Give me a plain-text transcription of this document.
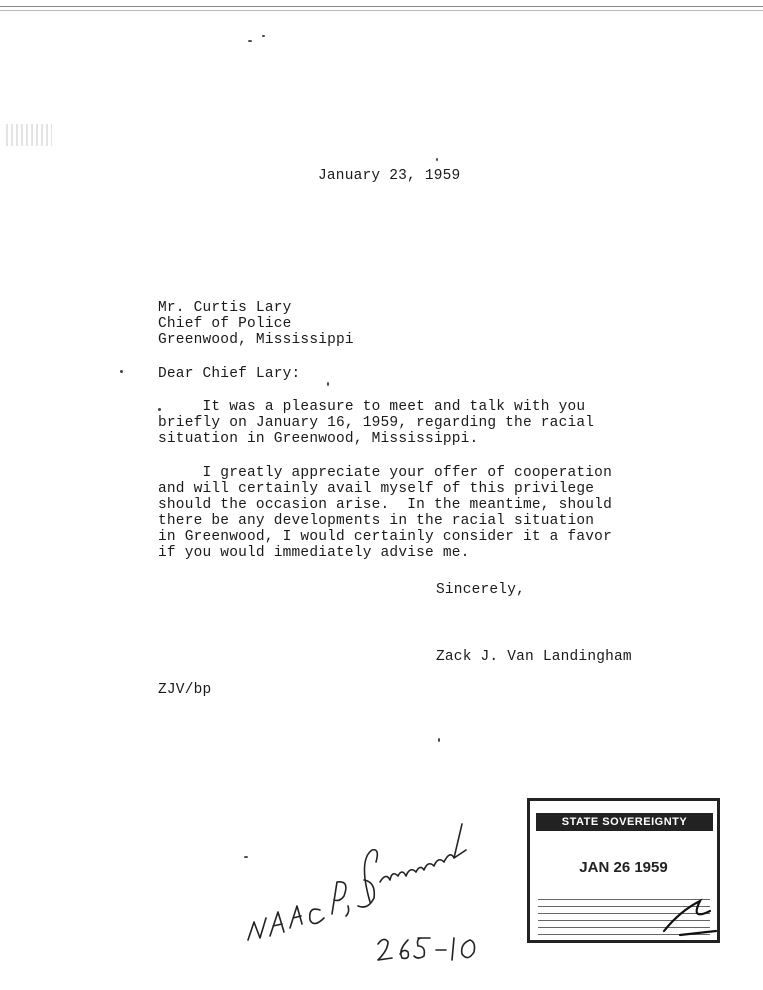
January 23, 1959
Mr. Curtis Lary
Chief of Police
Greenwood, Mississippi
Dear Chief Lary:
It was a pleasure to meet and talk with you
briefly on January 16, 1959, regarding the racial
situation in Greenwood, Mississippi.
I greatly appreciate your offer of cooperation
and will certainly avail myself of this privilege
should the occasion arise.  In the meantime, should
there be any developments in the racial situation
in Greenwood, I would certainly consider it a favor
if you would immediately advise me.
Sincerely,
Zack J. Van Landingham
ZJV/bp
STATE SOVEREIGNTY COMMISSION
JAN 26 1959
